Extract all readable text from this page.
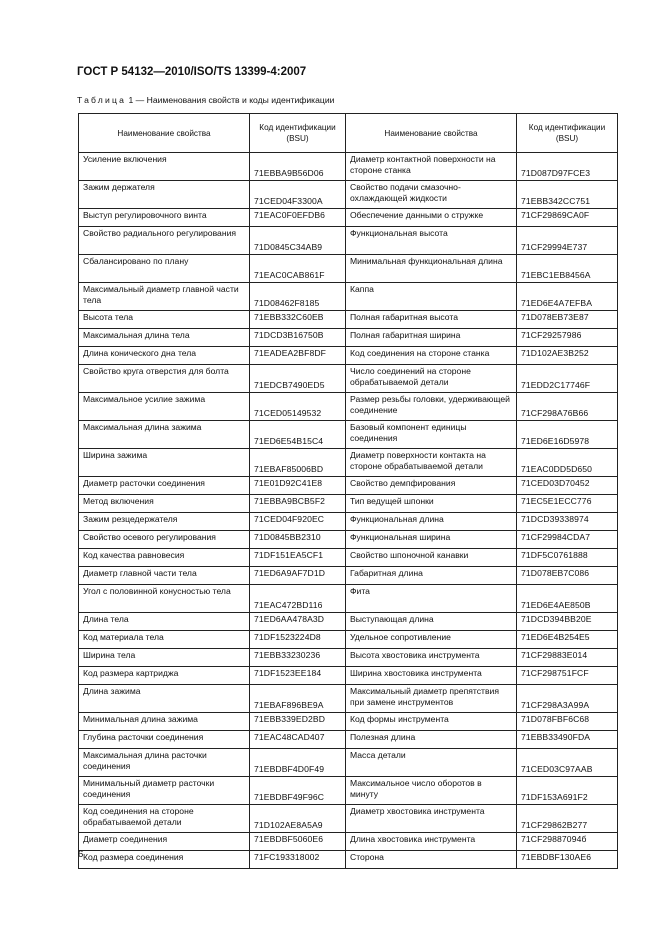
ГОСТ Р 54132—2010/ISO/TS 13399-4:2007
Таблица 1 — Наименования свойств и коды идентификации
Наименование свойства	Код идентификации (BSU)	Наименование свойства	Код идентификации (BSU)
Усиление включения	71EBBA9B56D06	Диаметр контактной поверхности на стороне станка	71D087D97FCE3
Зажим держателя	71CED04F3300A	Свойство подачи смазочно-охлаждающей жидкости	71EBB342CC751
Выступ регулировочного винта	71EAC0F0EFDB6	Обеспечение данными о стружке	71CF29869CA0F
Свойство радиального регулирования	71D0845C34AB9	Функциональная высота	71CF29994E737
Сбалансировано по плану	71EAC0CAB861F	Минимальная функциональная длина	71EBC1EB8456A
Максимальный диаметр главной части тела	71D08462F8185	Каппа	71ED6E4A7EFBA
Высота тела	71EBB332C60EB	Полная габаритная высота	71D078EB73E87
Максимальная длина тела	71DCD3B16750B	Полная габаритная ширина	71CF29257986
Длина конического дна тела	71EADEA2BF8DF	Код соединения на стороне станка	71D102AE3B252
Свойство круга отверстия для болта	71EDCB7490ED5	Число соединений на стороне обрабатываемой детали	71EDD2C17746F
Максимальное усилие зажима	71CED05149532	Размер резьбы головки, удерживающей соединение	71CF298A76B66
Максимальная длина зажима	71ED6E54B15C4	Базовый компонент единицы соединения	71ED6E16D5978
Ширина зажима	71EBAF85006BD	Диаметр поверхности контакта на стороне обрабатываемой детали	71EAC0DD5D650
Диаметр расточки соединения	71E01D92C41E8	Свойство демпфирования	71CED03D70452
Метод включения	71EBBA9BCB5F2	Тип ведущей шпонки	71EC5E1ECC776
Зажим резцедержателя	71CED04F920EC	Функциональная длина	71DCD39338974
Свойство осевого регулирования	71D0845BB2310	Функциональная ширина	71CF29984CDA7
Код качества равновесия	71DF151EA5CF1	Свойство шпоночной канавки	71DF5C0761888
Диаметр главной части тела	71ED6A9AF7D1D	Габаритная длина	71D078EB7C086
Угол с половинной конусностью тела	71EAC472BD116	Фита	71ED6E4AE850B
Длина тела	71ED6AA478A3D	Выступающая длина	71DCD394BB20E
Код материала тела	71DF1523224D8	Удельное сопротивление	71ED6E4B254E5
Ширина тела	71EBB33230236	Высота хвостовика инструмента	71CF29883E014
Код размера картриджа	71DF1523EE184	Ширина хвостовика инструмента	71CF298751FCF
Длина зажима	71EBAF896BE9A	Максимальный диаметр препятствия при замене инструментов	71CF298A3A99A
Минимальная длина зажима	71EBB339ED2BD	Код формы инструмента	71D078FBF6C68
Глубина расточки соединения	71EAC48CAD407	Полезная длина	71EBB33490FDA
Максимальная длина расточки соединения	71EBDBF4D0F49	Масса детали	71CED03C97AAB
Минимальный диаметр расточки соединения	71EBDBF49F96C	Максимальное число оборотов в минуту	71DF153A691F2
Код соединения на стороне обрабатываемой детали	71D102AE8A5A9	Диаметр хвостовика инструмента	71CF29862B277
Диаметр соединения	71EBDBF5060E6	Длина хвостовика инструмента	71CF29887094б
Код размера соединения	71FC193318002	Сторона	71EBDBF130AE6
6
